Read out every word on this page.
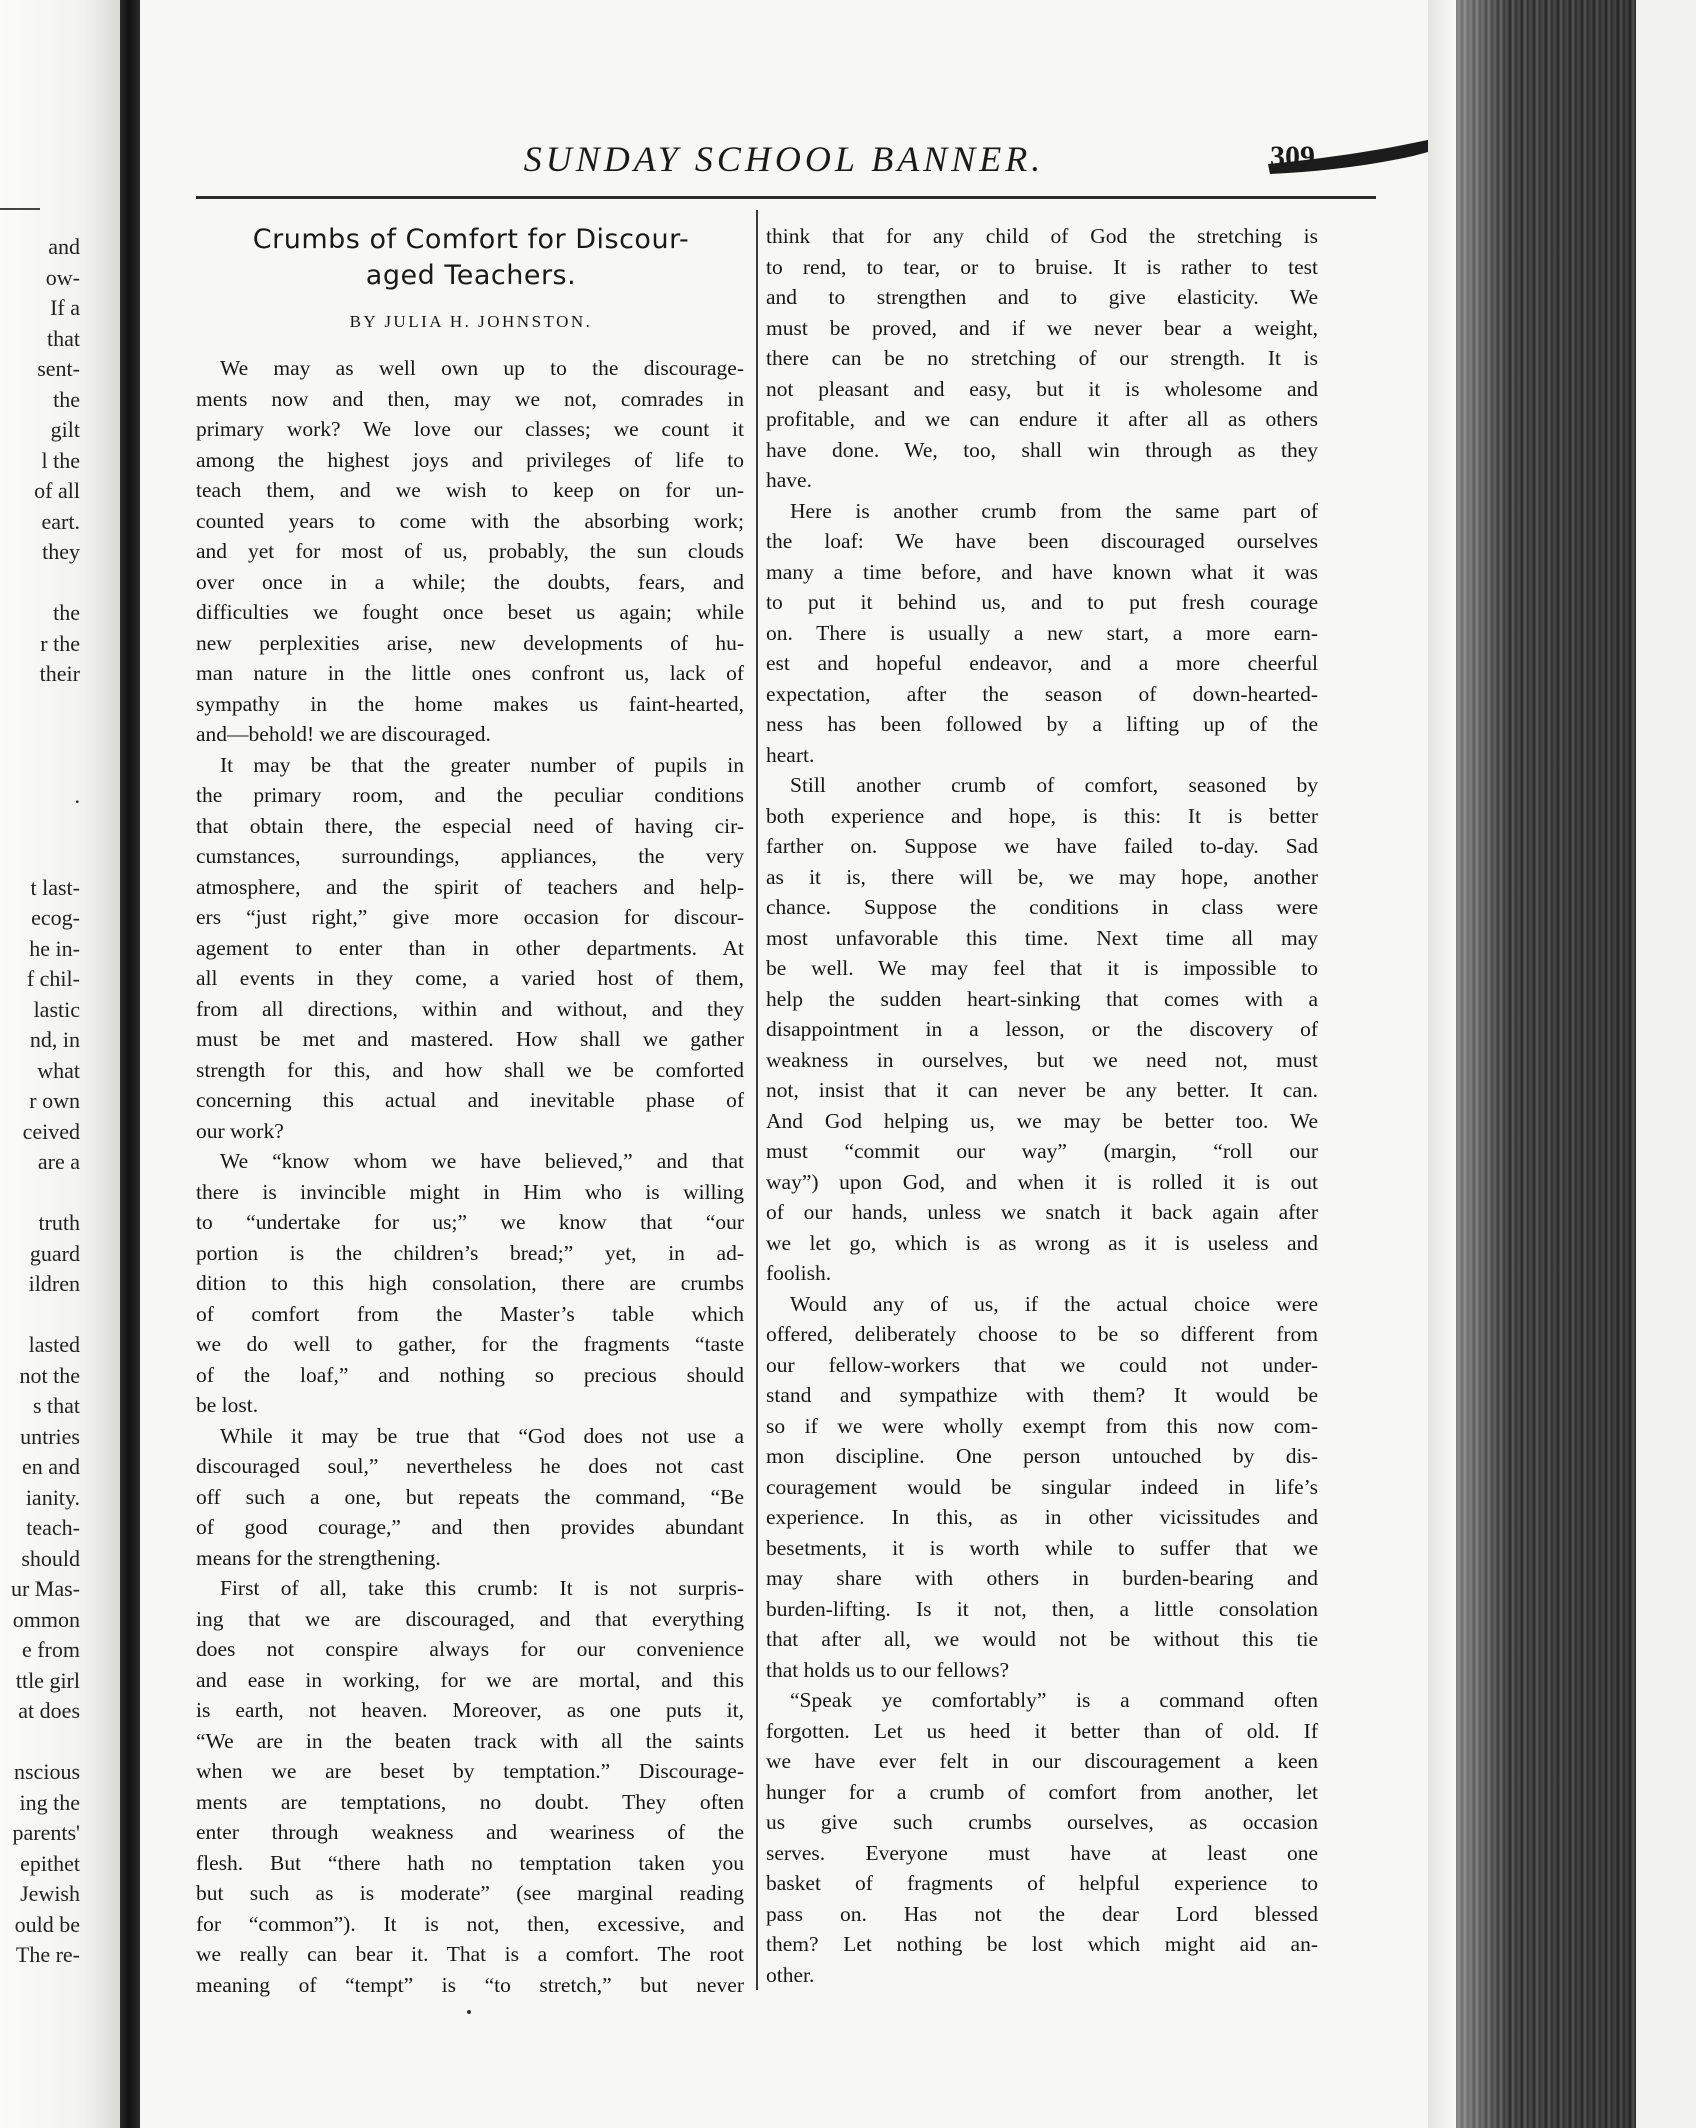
and
ow-
If a
that
sent-
the
gilt
l the
of all
eart.
they
the
r the
their
.
t last-
ecog-
he in-
f chil-
lastic
nd, in
what
r own
ceived
are a
truth
guard
ildren
lasted
not the
s that
untries
en and
ianity.
teach-
should
ur Mas-
ommon
e from
ttle girl
at does
nscious
ing the
parents'
epithet
Jewish
ould be
The re-
SUNDAY SCHOOL BANNER.	309
Crumbs of Comfort for Discour-
aged Teachers.
BY JULIA H. JOHNSTON.
We may as well own up to the discourage-
ments now and then, may we not, comrades in
primary work? We love our classes; we count it
among the highest joys and privileges of life to
teach them, and we wish to keep on for un-
counted years to come with the absorbing work;
and yet for most of us, probably, the sun clouds
over once in a while; the doubts, fears, and
difficulties we fought once beset us again; while
new perplexities arise, new developments of hu-
man nature in the little ones confront us, lack of
sympathy in the home makes us faint-hearted,
and—behold! we are discouraged.
It may be that the greater number of pupils in
the primary room, and the peculiar conditions
that obtain there, the especial need of having cir-
cumstances, surroundings, appliances, the very
atmosphere, and the spirit of teachers and help-
ers “just right,” give more occasion for discour-
agement to enter than in other departments. At
all events in they come, a varied host of them,
from all directions, within and without, and they
must be met and mastered. How shall we gather
strength for this, and how shall we be comforted
concerning this actual and inevitable phase of
our work?
We “know whom we have believed,” and that
there is invincible might in Him who is willing
to “undertake for us;” we know that “our
portion is the children’s bread;” yet, in ad-
dition to this high consolation, there are crumbs
of comfort from the Master’s table which
we do well to gather, for the fragments “taste
of the loaf,” and nothing so precious should
be lost.
While it may be true that “God does not use a
discouraged soul,” nevertheless he does not cast
off such a one, but repeats the command, “Be
of good courage,” and then provides abundant
means for the strengthening.
First of all, take this crumb: It is not surpris-
ing that we are discouraged, and that everything
does not conspire always for our convenience
and ease in working, for we are mortal, and this
is earth, not heaven. Moreover, as one puts it,
“We are in the beaten track with all the saints
when we are beset by temptation.” Discourage-
ments are temptations, no doubt. They often
enter through weakness and weariness of the
flesh. But “there hath no temptation taken you
but such as is moderate” (see marginal reading
for “common”). It is not, then, excessive, and
we really can bear it. That is a comfort. The root
meaning of “tempt” is “to stretch,” but never
think that for any child of God the stretching is
to rend, to tear, or to bruise. It is rather to test
and to strengthen and to give elasticity. We
must be proved, and if we never bear a weight,
there can be no stretching of our strength. It is
not pleasant and easy, but it is wholesome and
profitable, and we can endure it after all as others
have done. We, too, shall win through as they
have.
Here is another crumb from the same part of
the loaf: We have been discouraged ourselves
many a time before, and have known what it was
to put it behind us, and to put fresh courage
on. There is usually a new start, a more earn-
est and hopeful endeavor, and a more cheerful
expectation, after the season of down-hearted-
ness has been followed by a lifting up of the
heart.
Still another crumb of comfort, seasoned by
both experience and hope, is this: It is better
farther on. Suppose we have failed to-day. Sad
as it is, there will be, we may hope, another
chance. Suppose the conditions in class were
most unfavorable this time. Next time all may
be well. We may feel that it is impossible to
help the sudden heart-sinking that comes with a
disappointment in a lesson, or the discovery of
weakness in ourselves, but we need not, must
not, insist that it can never be any better. It can.
And God helping us, we may be better too. We
must “commit our way” (margin, “roll our
way”) upon God, and when it is rolled it is out
of our hands, unless we snatch it back again after
we let go, which is as wrong as it is useless and
foolish.
Would any of us, if the actual choice were
offered, deliberately choose to be so different from
our fellow-workers that we could not under-
stand and sympathize with them? It would be
so if we were wholly exempt from this now com-
mon discipline. One person untouched by dis-
couragement would be singular indeed in life’s
experience. In this, as in other vicissitudes and
besetments, it is worth while to suffer that we
may share with others in burden-bearing and
burden-lifting. Is it not, then, a little consolation
that after all, we would not be without this tie
that holds us to our fellows?
“Speak ye comfortably” is a command often
forgotten. Let us heed it better than of old. If
we have ever felt in our discouragement a keen
hunger for a crumb of comfort from another, let
us give such crumbs ourselves, as occasion
serves. Everyone must have at least one
basket of fragments of helpful experience to
pass on. Has not the dear Lord blessed
them? Let nothing be lost which might aid an-
other.
